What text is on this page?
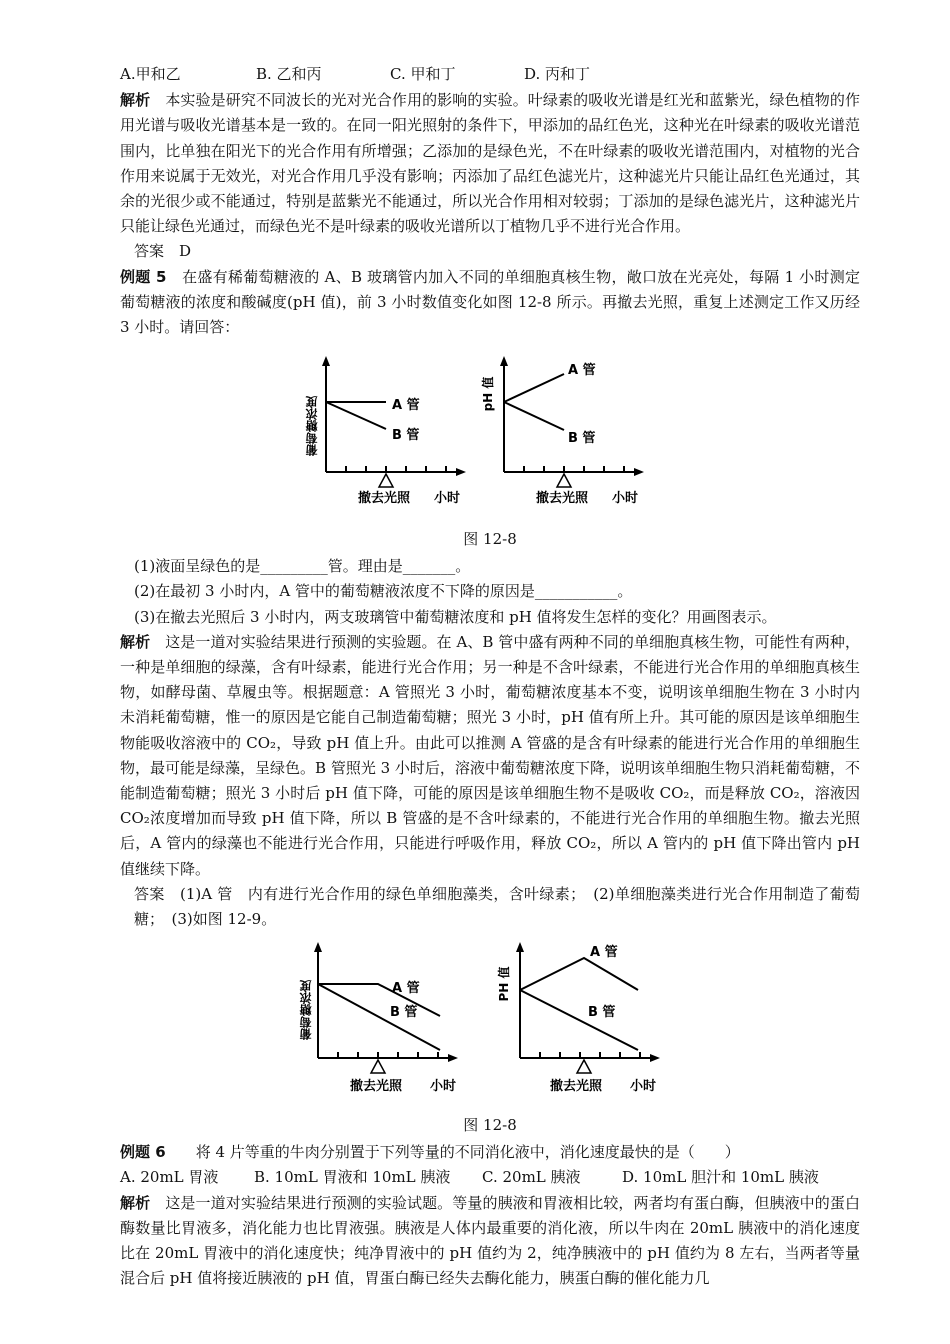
A.甲和乙	B. 乙和丙	C. 甲和丁	D. 丙和丁

解析　 本实验是研究不同波长的光对光合作用的影响的实验。叶绿素的吸收光谱是红光和蓝紫光，绿色植物的作用光谱与吸收光谱基本是一致的。在同一阳光照射的条件下，甲添加的品红色光，这种光在叶绿素的吸收光谱范围内，比单独在阳光下的光合作用有所增强；乙添加的是绿色光，不在叶绿素的吸收光谱范围内，对植物的光合作用来说属于无效光，对光合作用几乎没有影响；丙添加了品红色滤光片，这种滤光片只能让品红色光通过，其余的光很少或不能通过，特别是蓝紫光不能通过，所以光合作用相对较弱；丁添加的是绿色滤光片，这种滤光片只能让绿色光通过，而绿色光不是叶绿素的吸收光谱所以丁植物几乎不进行光合作用。

答案　D

例题 5　 在盛有稀葡萄糖液的 A、B 玻璃管内加入不同的单细胞真核生物，敞口放在光亮处，每隔 1 小时测定葡萄糖液的浓度和酸碱度(pH 值)，前 3 小时数值变化如图 12-8 所示。再撤去光照，重复上述测定工作又历经 3 小时。请回答：

葡萄糖浓度	A 管
B 管
撤去光照 小时
pH 值
A 管
B 管
撤去光照 小时

图 12-8

(1)液面呈绿色的是_________管。理由是_______。

(2)在最初 3 小时内，A 管中的葡萄糖液浓度不下降的原因是___________。

(3)在撤去光照后 3 小时内，两支玻璃管中葡萄糖浓度和 pH 值将发生怎样的变化？用画图表示。

解析　 这是一道对实验结果进行预测的实验题。在 A、B 管中盛有两种不同的单细胞真核生物，可能性有两种，一种是单细胞的绿藻，含有叶绿素，能进行光合作用；另一种是不含叶绿素，不能进行光合作用的单细胞真核生物，如酵母菌、草履虫等。根据题意：A 管照光 3 小时，葡萄糖浓度基本不变，说明该单细胞生物在 3 小时内未消耗葡萄糖，惟一的原因是它能自己制造葡萄糖；照光 3 小时，pH 值有所上升。其可能的原因是该单细胞生物能吸收溶液中的 CO₂，导致 pH 值上升。由此可以推测 A 管盛的是含有叶绿素的能进行光合作用的单细胞生物，最可能是绿藻，呈绿色。B 管照光 3 小时后，溶液中葡萄糖浓度下降，说明该单细胞生物只消耗葡萄糖，不能制造葡萄糖；照光 3 小时后 pH 值下降，可能的原因是该单细胞生物不是吸收 CO₂，而是释放 CO₂，溶液因 CO₂浓度增加而导致 pH 值下降，所以 B 管盛的是不含叶绿素的，不能进行光合作用的单细胞生物。撤去光照后，A 管内的绿藻也不能进行光合作用，只能进行呼吸作用，释放 CO₂，所以 A 管内的 pH 值下降出管内 pH 值继续下降。

答案　(1)A 管　内有进行光合作用的绿色单细胞藻类，含叶绿素；　(2)单细胞藻类进行光合作用制造了葡萄糖；　(3)如图 12-9。

葡萄糖浓度	A 管
B 管
撤去光照 小时
PH 值
A 管
B 管
撤去光照 小时

图 12-8

例题 6　　 将 4 片等重的牛肉分别置于下列等量的不同消化液中，消化速度最快的是（　　）

A. 20mL 胃液	B. 10mL 胃液和 10mL 胰液	C. 20mL 胰液	D. 10mL 胆汁和 10mL 胰液

解析　 这是一道对实验结果进行预测的实验试题。等量的胰液和胃液相比较，两者均有蛋白酶，但胰液中的蛋白酶数量比胃液多，消化能力也比胃液强。胰液是人体内最重要的消化液，所以牛肉在 20mL 胰液中的消化速度比在 20mL 胃液中的消化速度快；纯净胃液中的 pH 值约为 2，纯净胰液中的 pH 值约为 8 左右，当两者等量混合后 pH 值将接近胰液的 pH 值，胃蛋白酶已经失去酶化能力，胰蛋白酶的催化能力几
